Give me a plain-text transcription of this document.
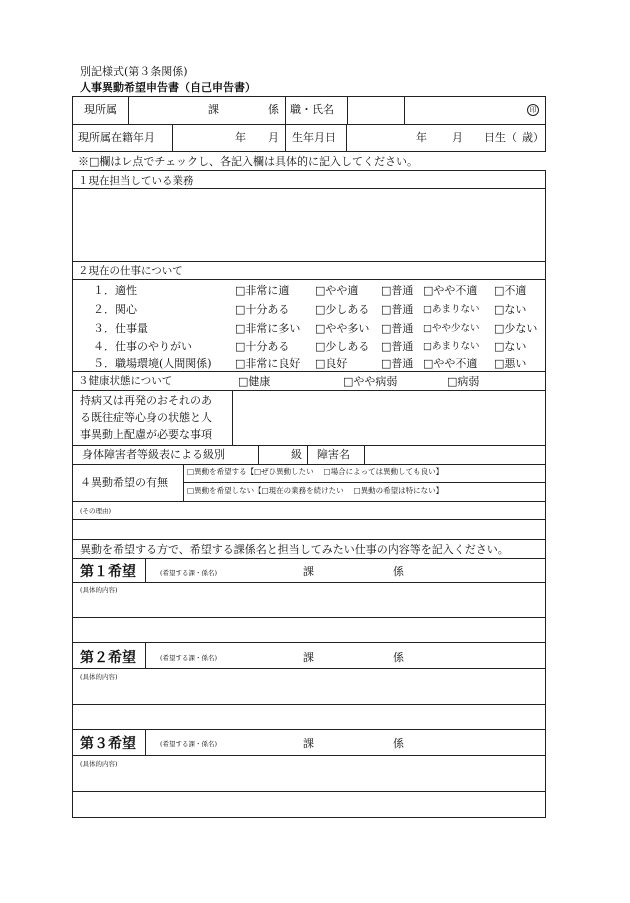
別記様式(第３条関係)
人事異動希望申告書（自己申告書）
現所属	課	係 職・氏名	印
現所属在籍年月	年 月 生年月日	年 月 日生（ 歳）
※□欄はレ点でチェックし、各記入欄は具体的に記入してください。
１現在担当している業務
２現在の仕事について
１．適性	□非常に適 □やや適 □普通 □やや不適 □不適
２．関心	□十分ある □少しある □普通 □あまりない □ない
３．仕事量	□非常に多い □やや多い □普通 □やや少ない □少ない
４．仕事のやりがい	□十分ある □少しある □普通 □あまりない □ない
５．職場環境(人間関係) □非常に良好 □良好	□普通 □やや不適 □悪い
３健康状態について	□健康	□やや病弱	□病弱
持病又は再発のおそれのあ
る既往症等心身の状態と人
事異動上配慮が必要な事項
身体障害者等級表による級別	級 障害名
４異動希望の有無
□異動を希望する【□ぜひ異動したい　 □場合によっては異動しても良い】
□異動を希望しない【□現在の業務を続けたい　 □異動の希望は特にない】
(その理由)
異動を希望する方で、希望する課係名と担当してみたい仕事の内容等を記入ください。
第１希望	(希望する課・係名)	課	係
(具体的内容)
第２希望	(希望する課・係名)	課	係
(具体的内容)
第３希望	(希望する課・係名)	課	係
(具体的内容)
